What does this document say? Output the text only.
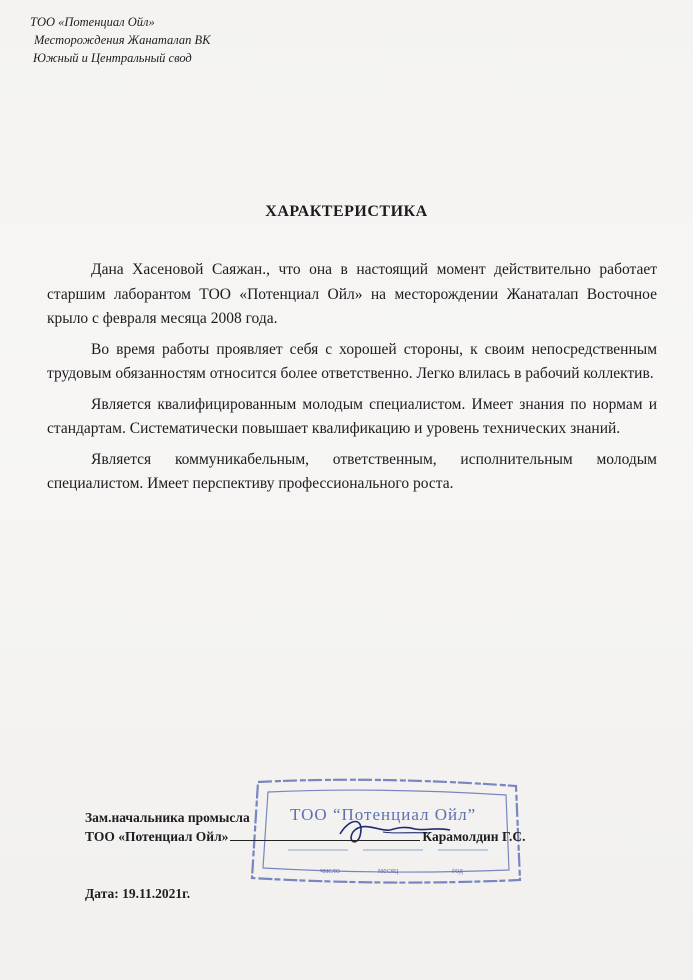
ТОО «Потенциал Ойл»
Месторождения Жанаталап ВК
Южный и Центральный свод
ХАРАКТЕРИСТИКА

Дана Хасеновой Саяжан., что она в настоящий момент действительно работает старшим лаборантом ТОО «Потенциал Ойл» на месторождении Жанаталап Восточное крыло с февраля месяца 2008 года.

Во время работы проявляет себя с хорошей стороны, к своим непосредственным трудовым обязанностям относится более ответственно. Легко влилась в рабочий коллектив.

Является квалифицированным молодым специалистом. Имеет знания по нормам и стандартам. Систематически повышает квалификацию и уровень технических знаний.

Является коммуникабельным, ответственным, исполнительным молодым специалистом. Имеет перспективу профессионального роста.

ТОО “Потенциал Ойл”
число	месяц	год
Зам.начальника промысла
ТОО «Потенциал Ойл»	Карамолдин Г.С.
Дата: 19.11.2021г.
